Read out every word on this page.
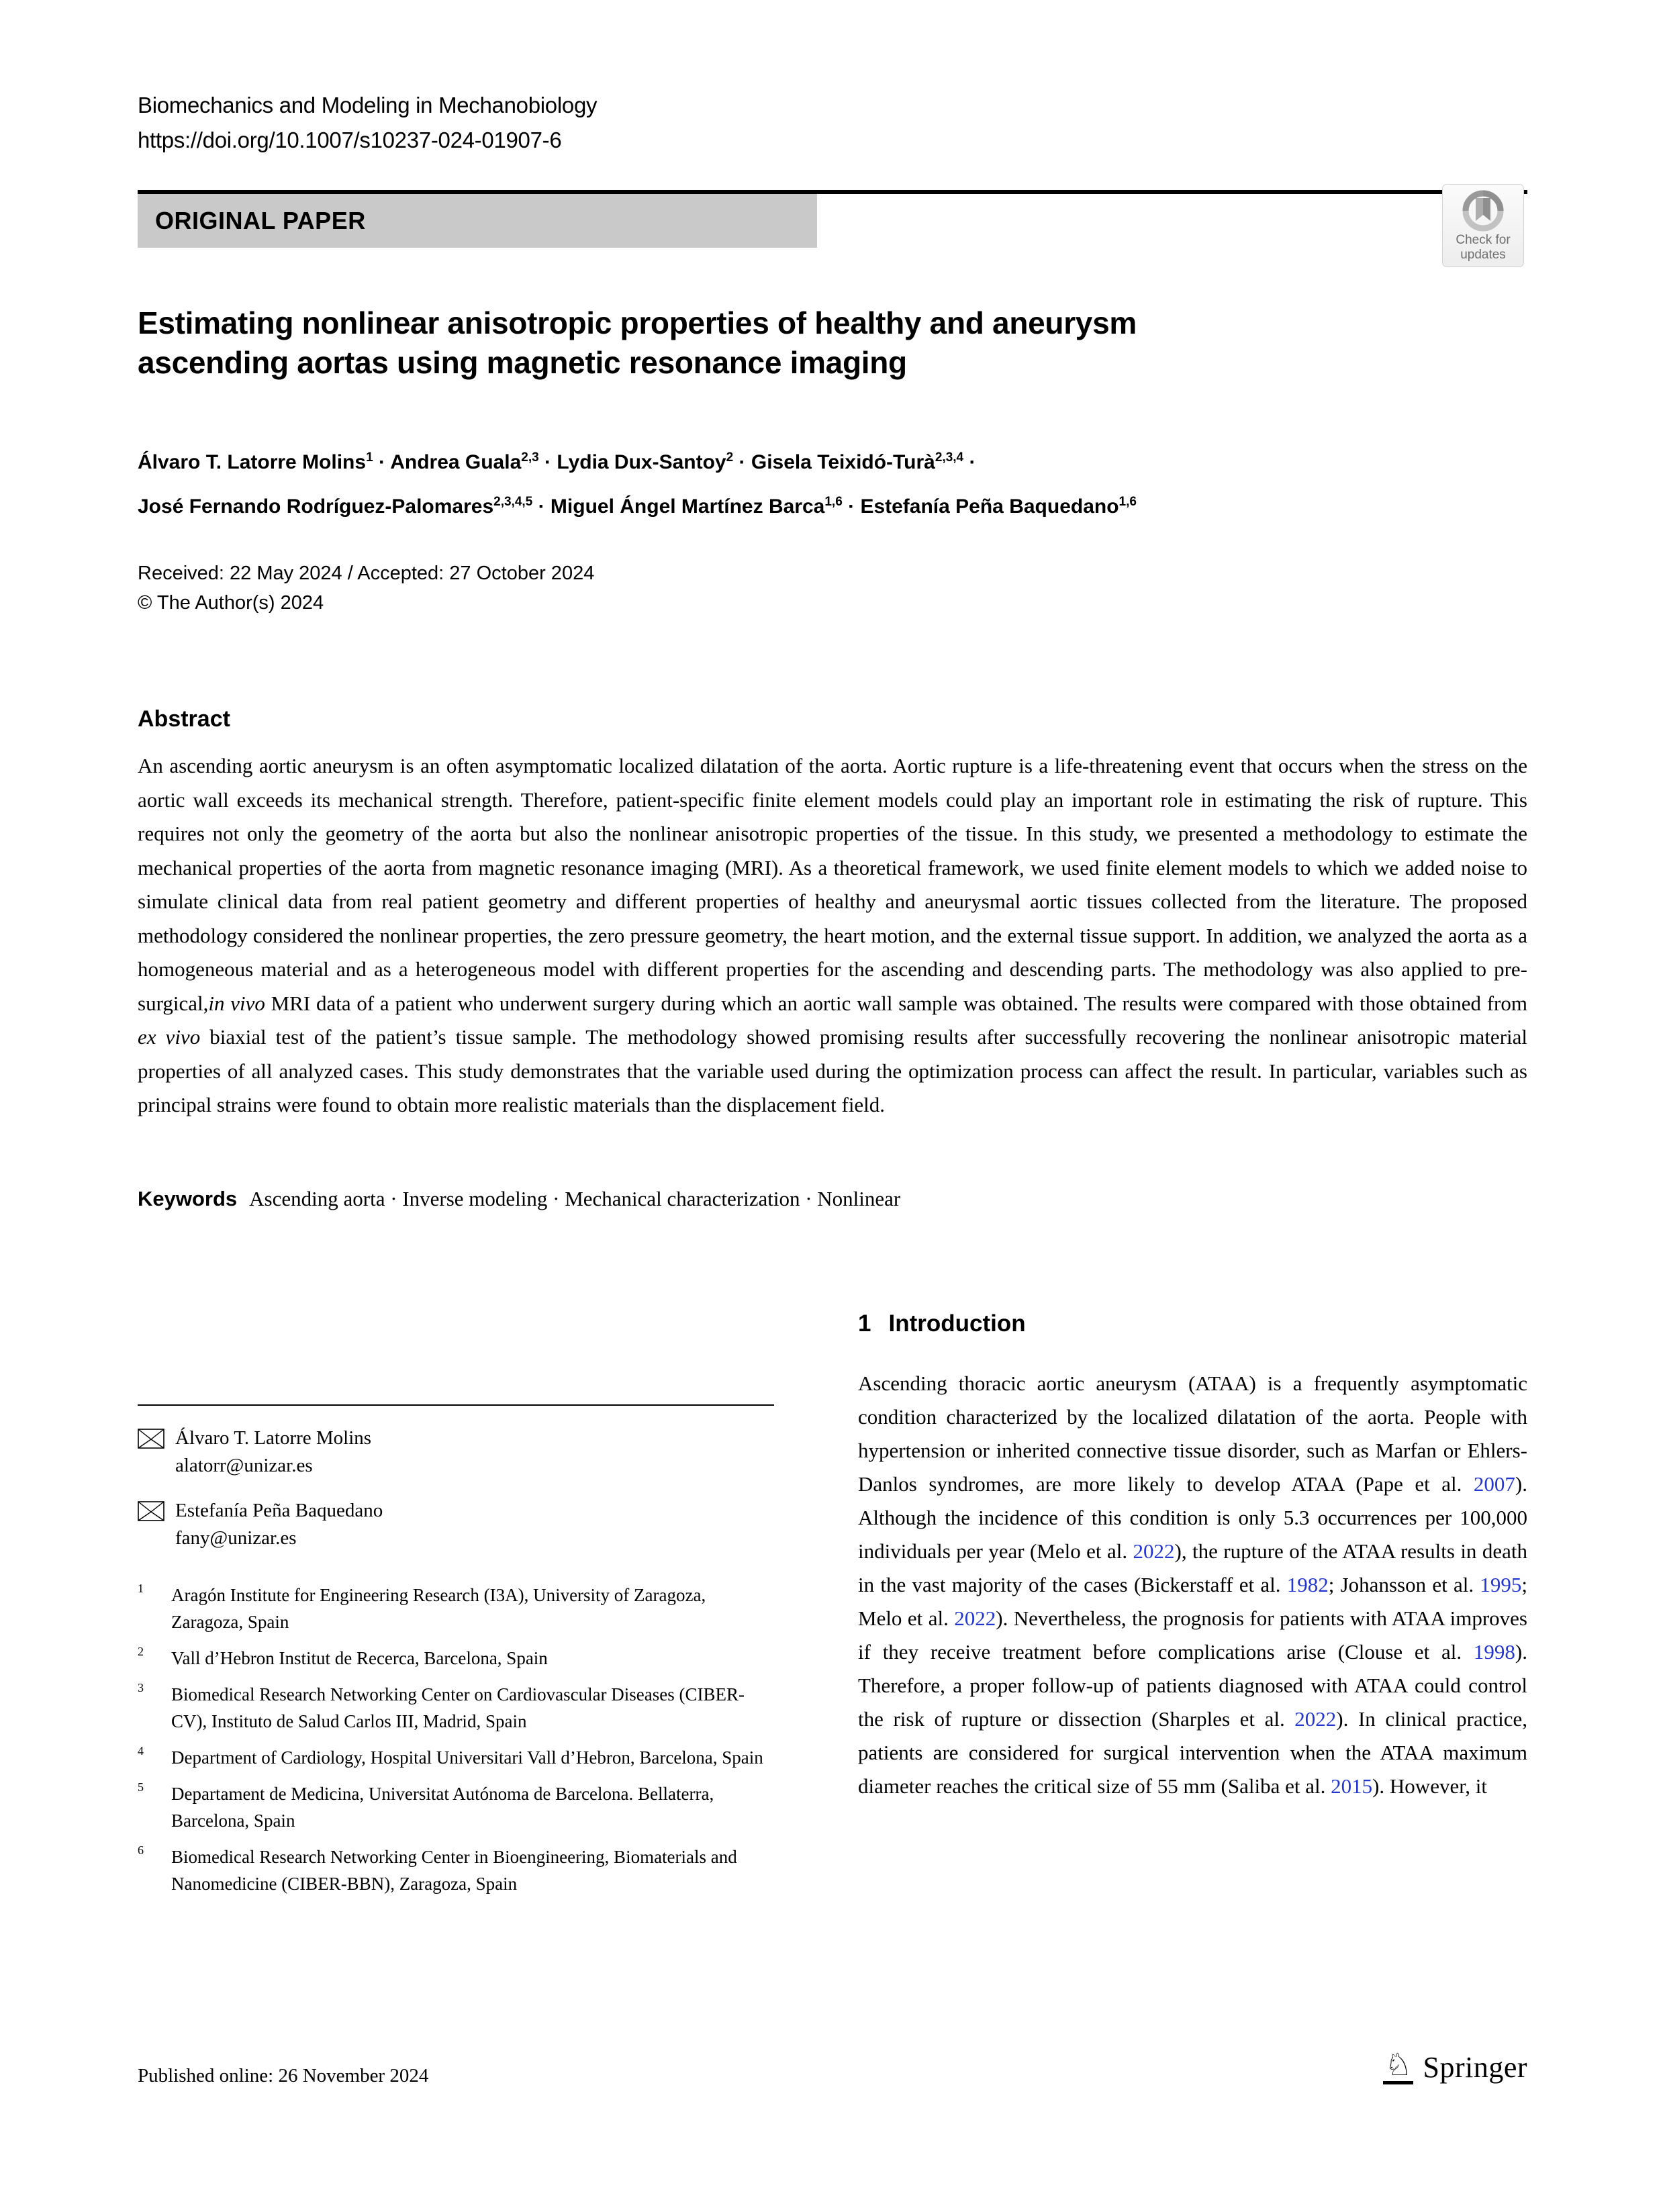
Biomechanics and Modeling in Mechanobiology
https://doi.org/10.1007/s10237-024-01907-6
ORIGINAL PAPER
Check for
updates
Estimating nonlinear anisotropic properties of healthy and aneurysm
ascending aortas using magnetic resonance imaging
Álvaro T. Latorre Molins$^1$ · Andrea Guala$^{2,3}$ · Lydia Dux-Santoy$^2$ · Gisela Teixidó-Turà$^{2,3,4}$ ·
José Fernando Rodríguez-Palomares$^{2,3,4,5}$ · Miguel Ángel Martínez Barca$^{1,6}$ · Estefanía Peña Baquedano$^{1,6}$
Received: 22 May 2024 / Accepted: 27 October 2024
© The Author(s) 2024
Abstract
An ascending aortic aneurysm is an often asymptomatic localized dilatation of the aorta. Aortic rupture is a life-threatening event that occurs when the stress on the aortic wall exceeds its mechanical strength. Therefore, patient-specific finite element models could play an important role in estimating the risk of rupture. This requires not only the geometry of the aorta but also the nonlinear anisotropic properties of the tissue. In this study, we presented a methodology to estimate the mechanical properties of the aorta from magnetic resonance imaging (MRI). As a theoretical framework, we used finite element models to which we added noise to simulate clinical data from real patient geometry and different properties of healthy and aneurysmal aortic tissues collected from the literature. The proposed methodology considered the nonlinear properties, the zero pressure geometry, the heart motion, and the external tissue support. In addition, we analyzed the aorta as a homogeneous material and as a heterogeneous model with different properties for the ascending and descending parts. The methodology was also applied to pre-surgical,in vivo MRI data of a patient who underwent surgery during which an aortic wall sample was obtained. The results were compared with those obtained from ex vivo biaxial test of the patient’s tissue sample. The methodology showed promising results after successfully recovering the nonlinear anisotropic material properties of all analyzed cases. This study demonstrates that the variable used during the optimization process can affect the result. In particular, variables such as principal strains were found to obtain more realistic materials than the displacement field.
Keywords Ascending aorta · Inverse modeling · Mechanical characterization · Nonlinear
Álvaro T. Latorre Molins
alatorr@unizar.es
Estefanía Peña Baquedano
fany@unizar.es
1	Aragón Institute for Engineering Research (I3A), University of Zaragoza, Zaragoza, Spain
2	Vall d’Hebron Institut de Recerca, Barcelona, Spain
3	Biomedical Research Networking Center on Cardiovascular Diseases (CIBER-CV), Instituto de Salud Carlos III, Madrid, Spain
4	Department of Cardiology, Hospital Universitari Vall d’Hebron, Barcelona, Spain
5	Departament de Medicina, Universitat Autónoma de Barcelona. Bellaterra, Barcelona, Spain
6	Biomedical Research Networking Center in Bioengineering, Biomaterials and Nanomedicine (CIBER-BBN), Zaragoza, Spain
1 Introduction
Ascending thoracic aortic aneurysm (ATAA) is a frequently asymptomatic condition characterized by the localized dilatation of the aorta. People with hypertension or inherited connective tissue disorder, such as Marfan or Ehlers-Danlos syndromes, are more likely to develop ATAA (Pape et al. 2007). Although the incidence of this condition is only 5.3 occurrences per 100,000 individuals per year (Melo et al. 2022), the rupture of the ATAA results in death in the vast majority of the cases (Bickerstaff et al. 1982; Johansson et al. 1995; Melo et al. 2022). Nevertheless, the prognosis for patients with ATAA improves if they receive treatment before complications arise (Clouse et al. 1998). Therefore, a proper follow-up of patients diagnosed with ATAA could control the risk of rupture or dissection (Sharples et al. 2022). In clinical practice, patients are considered for surgical intervention when the ATAA maximum diameter reaches the critical size of 55 mm (Saliba et al. 2015). However, it
Published online: 26 November 2024	♘ Springer
